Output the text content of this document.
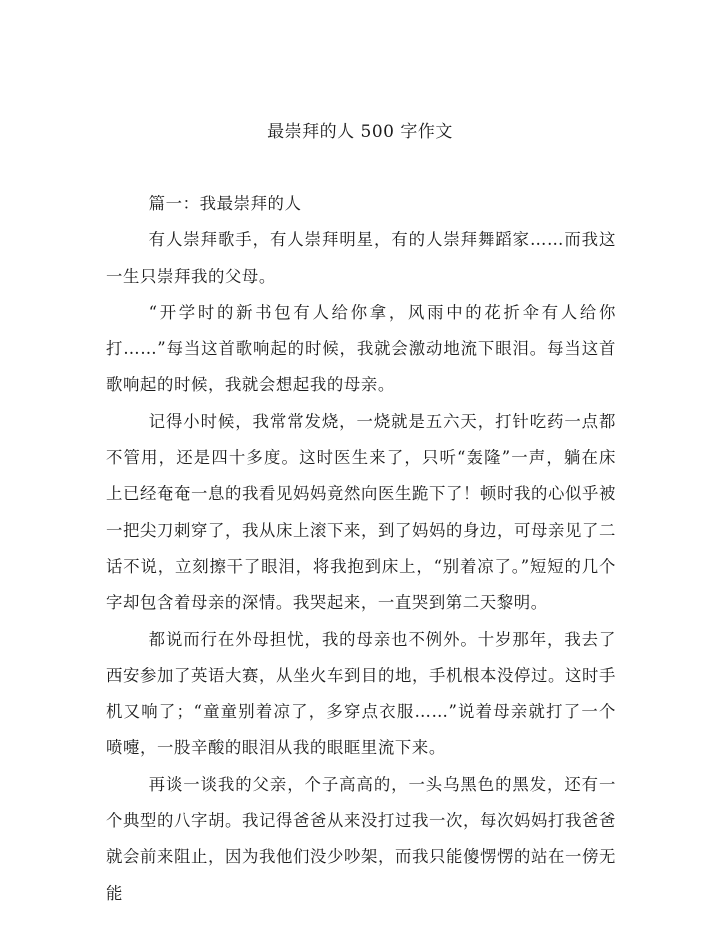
最崇拜的人 500 字作文

篇一：我最崇拜的人

有人崇拜歌手，有人崇拜明星，有的人崇拜舞蹈家……而我这一生只崇拜我的父母。

“开学时的新书包有人给你拿，风雨中的花折伞有人给你打……”每当这首歌响起的时候，我就会激动地流下眼泪。每当这首歌响起的时候，我就会想起我的母亲。

记得小时候，我常常发烧，一烧就是五六天，打针吃药一点都不管用，还是四十多度。这时医生来了，只听“轰隆”一声，躺在床上已经奄奄一息的我看见妈妈竟然向医生跪下了！顿时我的心似乎被一把尖刀刺穿了，我从床上滚下来，到了妈妈的身边，可母亲见了二话不说，立刻擦干了眼泪，将我抱到床上，“别着凉了。”短短的几个字却包含着母亲的深情。我哭起来，一直哭到第二天黎明。

都说而行在外母担忧，我的母亲也不例外。十岁那年，我去了西安参加了英语大赛，从坐火车到目的地，手机根本没停过。这时手机又响了；“童童别着凉了，多穿点衣服……”说着母亲就打了一个喷嚏，一股辛酸的眼泪从我的眼眶里流下来。

再谈一谈我的父亲，个子高高的，一头乌黑色的黑发，还有一个典型的八字胡。我记得爸爸从来没打过我一次，每次妈妈打我爸爸就会前来阻止，因为我他们没少吵架，而我只能傻愣愣的站在一傍无能
